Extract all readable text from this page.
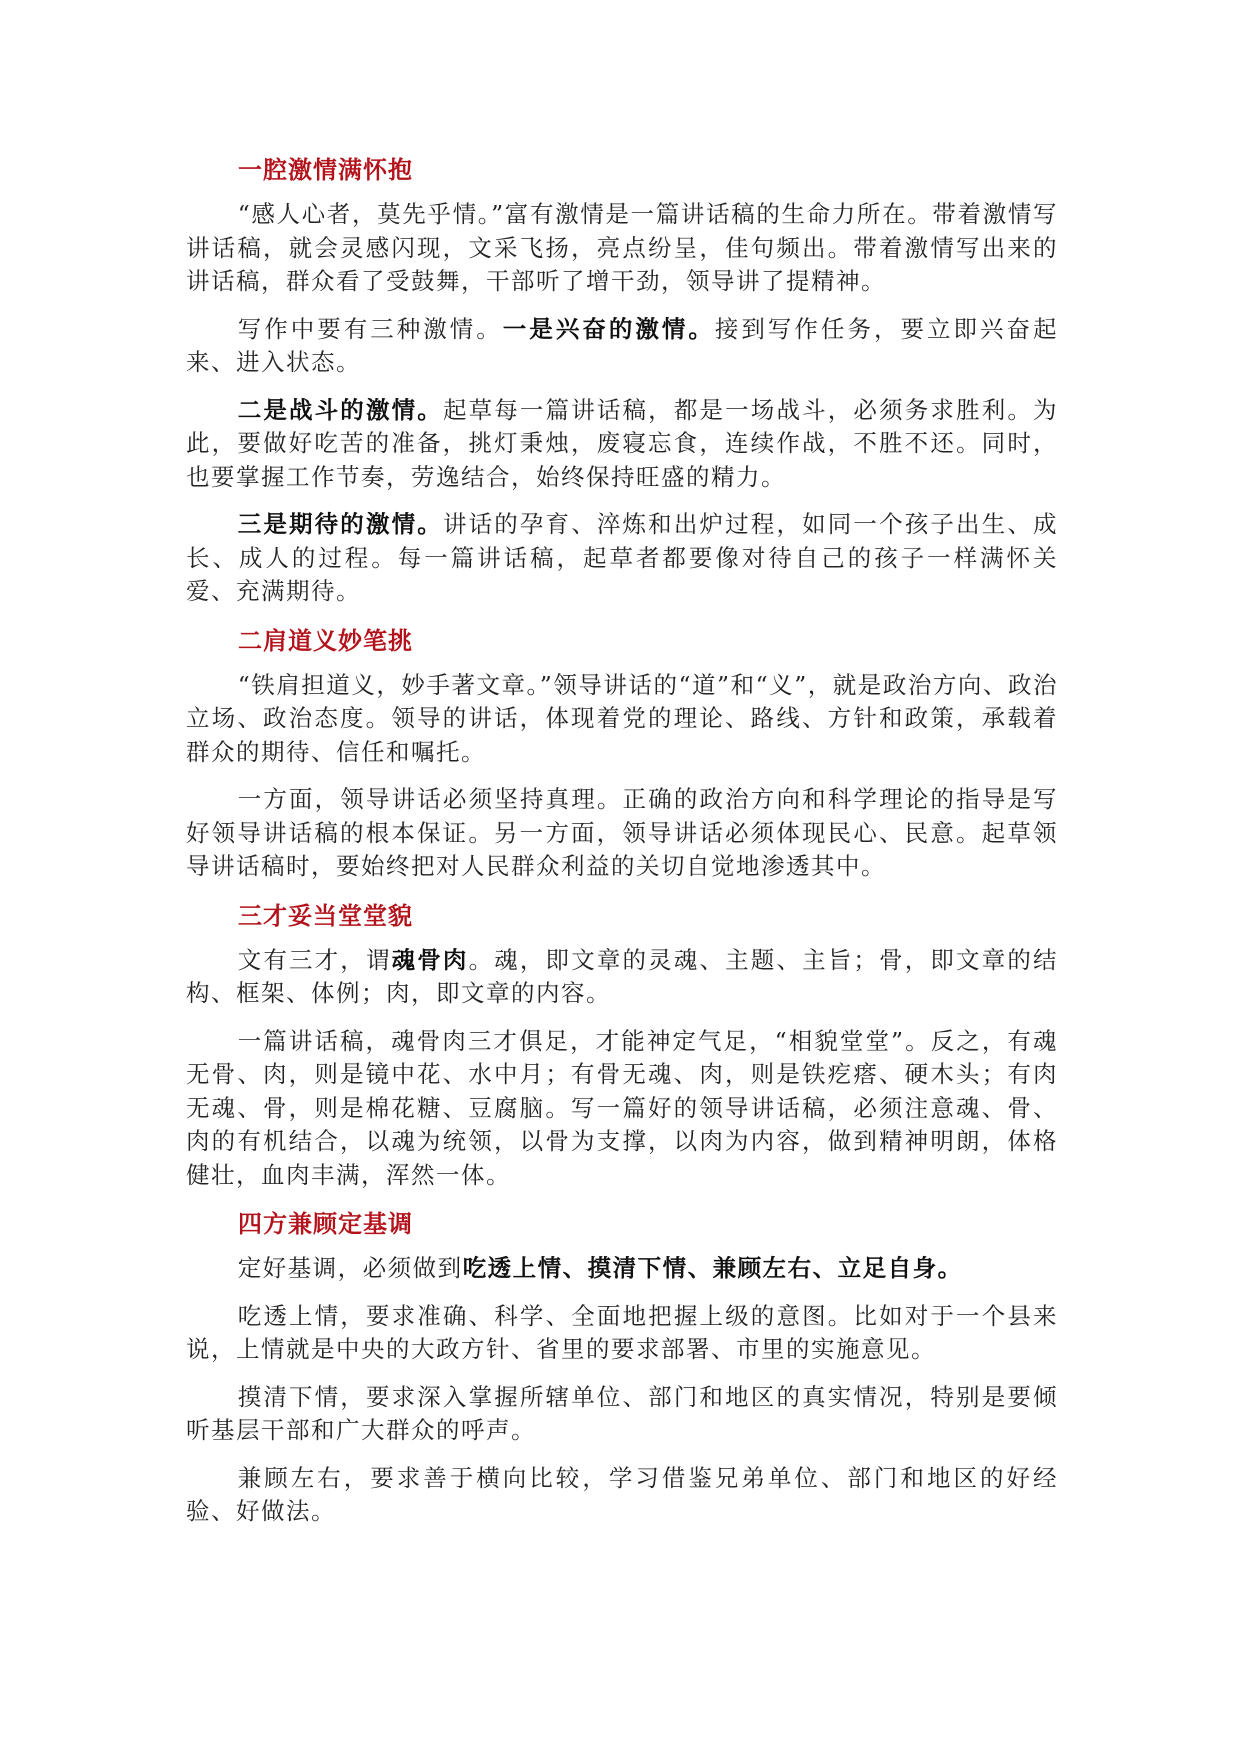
一腔激情满怀抱

“感人心者，莫先乎情。”富有激情是一篇讲话稿的生命力所在。带着激情写讲话稿，就会灵感闪现，文采飞扬，亮点纷呈，佳句频出。带着激情写出来的讲话稿，群众看了受鼓舞，干部听了增干劲，领导讲了提精神。

写作中要有三种激情。一是兴奋的激情。接到写作任务，要立即兴奋起来、进入状态。

二是战斗的激情。起草每一篇讲话稿，都是一场战斗，必须务求胜利。为此，要做好吃苦的准备，挑灯秉烛，废寝忘食，连续作战，不胜不还。同时，也要掌握工作节奏，劳逸结合，始终保持旺盛的精力。

三是期待的激情。讲话的孕育、淬炼和出炉过程，如同一个孩子出生、成长、成人的过程。每一篇讲话稿，起草者都要像对待自己的孩子一样满怀关爱、充满期待。

二肩道义妙笔挑

“铁肩担道义，妙手著文章。”领导讲话的“道”和“义”，就是政治方向、政治立场、政治态度。领导的讲话，体现着党的理论、路线、方针和政策，承载着群众的期待、信任和嘱托。

一方面，领导讲话必须坚持真理。正确的政治方向和科学理论的指导是写好领导讲话稿的根本保证。另一方面，领导讲话必须体现民心、民意。起草领导讲话稿时，要始终把对人民群众利益的关切自觉地渗透其中。

三才妥当堂堂貌

文有三才，谓魂骨肉。魂，即文章的灵魂、主题、主旨；骨，即文章的结构、框架、体例；肉，即文章的内容。

一篇讲话稿，魂骨肉三才俱足，才能神定气足，“相貌堂堂”。反之，有魂无骨、肉，则是镜中花、水中月；有骨无魂、肉，则是铁疙瘩、硬木头；有肉无魂、骨，则是棉花糖、豆腐脑。写一篇好的领导讲话稿，必须注意魂、骨、肉的有机结合，以魂为统领，以骨为支撑，以肉为内容，做到精神明朗，体格健壮，血肉丰满，浑然一体。

四方兼顾定基调

定好基调，必须做到吃透上情、摸清下情、兼顾左右、立足自身。

吃透上情，要求准确、科学、全面地把握上级的意图。比如对于一个县来说，上情就是中央的大政方针、省里的要求部署、市里的实施意见。

摸清下情，要求深入掌握所辖单位、部门和地区的真实情况，特别是要倾听基层干部和广大群众的呼声。

兼顾左右，要求善于横向比较，学习借鉴兄弟单位、部门和地区的好经验、好做法。
